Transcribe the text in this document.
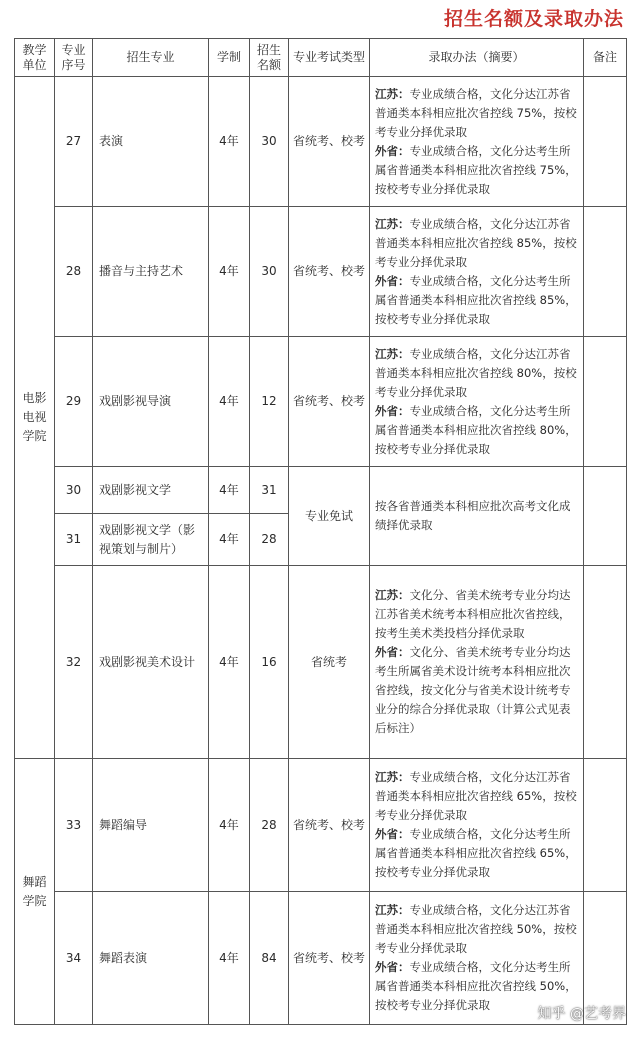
招生名额及录取办法
教学单位	专业序号	招生专业	学制	招生名额	专业考试类型	录取办法（摘要）	备注

电影电视学院	27	表演	4年	30	省统考、校考	江苏：专业成绩合格，文化分达江苏省普通类本科相应批次省控线 75%，按校考专业分择优录取
外省：专业成绩合格，文化分达考生所属省普通类本科相应批次省控线 75%，按校考专业分择优录取	
	28	播音与主持艺术	4年	30	省统考、校考	江苏：专业成绩合格，文化分达江苏省普通类本科相应批次省控线 85%，按校考专业分择优录取
外省：专业成绩合格，文化分达考生所属省普通类本科相应批次省控线 85%，按校考专业分择优录取	
	29	戏剧影视导演	4年	12	省统考、校考	江苏：专业成绩合格，文化分达江苏省普通类本科相应批次省控线 80%，按校考专业分择优录取
外省：专业成绩合格，文化分达考生所属省普通类本科相应批次省控线 80%，按校考专业分择优录取	
	30	戏剧影视文学	4年	31	专业免试	按各省普通类本科相应批次高考文化成绩择优录取	
	31	戏剧影视文学（影视策划与制片）	4年	28			
	32	戏剧影视美术设计	4年	16	省统考	江苏：文化分、省美术统考专业分均达江苏省美术统考本科相应批次省控线，按考生美术类投档分择优录取
外省：文化分、省美术统考专业分均达考生所属省美术设计统考本科相应批次省控线，按文化分与省美术设计统考专业分的综合分择优录取（计算公式见表后标注）	

舞蹈学院	33	舞蹈编导	4年	28	省统考、校考	江苏：专业成绩合格，文化分达江苏省普通类本科相应批次省控线 65%，按校考专业分择优录取
外省：专业成绩合格，文化分达考生所属省普通类本科相应批次省控线 65%，按校考专业分择优录取	
	34	舞蹈表演	4年	84	省统考、校考	江苏：专业成绩合格，文化分达江苏省普通类本科相应批次省控线 50%，按校考专业分择优录取
外省：专业成绩合格，文化分达考生所属省普通类本科相应批次省控线 50%，按校考专业分择优录取	
知乎 @艺考界
